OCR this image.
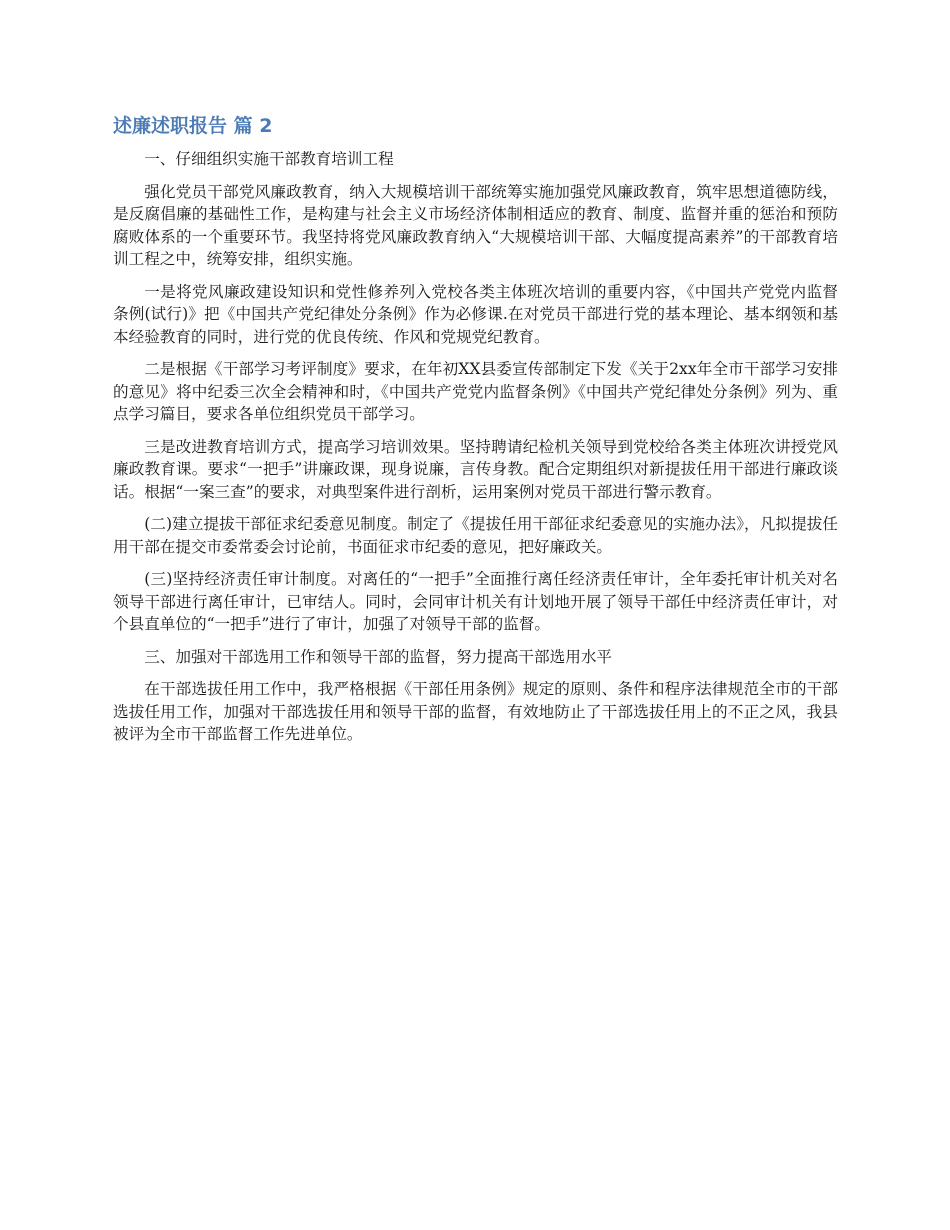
述廉述职报告 篇 2

一、仔细组织实施干部教育培训工程

强化党员干部党风廉政教育，纳入大规模培训干部统筹实施加强党风廉政教育，筑牢思想道德防线，是反腐倡廉的基础性工作，是构建与社会主义市场经济体制相适应的教育、制度、监督并重的惩治和预防腐败体系的一个重要环节。我坚持将党风廉政教育纳入“大规模培训干部、大幅度提高素养”的干部教育培训工程之中，统筹安排，组织实施。

一是将党风廉政建设知识和党性修养列入党校各类主体班次培训的重要内容，《中国共产党党内监督条例(试行)》把《中国共产党纪律处分条例》作为必修课.在对党员干部进行党的基本理论、基本纲领和基本经验教育的同时，进行党的优良传统、作风和党规党纪教育。

二是根据《干部学习考评制度》要求，在年初XX县委宣传部制定下发《关于2xx年全市干部学习安排的意见》将中纪委三次全会精神和时，《中国共产党党内监督条例》《中国共产党纪律处分条例》列为、重点学习篇目，要求各单位组织党员干部学习。

三是改进教育培训方式，提高学习培训效果。坚持聘请纪检机关领导到党校给各类主体班次讲授党风廉政教育课。要求“一把手”讲廉政课，现身说廉，言传身教。配合定期组织对新提拔任用干部进行廉政谈话。根据“一案三查”的要求，对典型案件进行剖析，运用案例对党员干部进行警示教育。

(二)建立提拔干部征求纪委意见制度。制定了《提拔任用干部征求纪委意见的实施办法》，凡拟提拔任用干部在提交市委常委会讨论前，书面征求市纪委的意见，把好廉政关。

(三)坚持经济责任审计制度。对离任的“一把手”全面推行离任经济责任审计，全年委托审计机关对名领导干部进行离任审计，已审结人。同时，会同审计机关有计划地开展了领导干部任中经济责任审计，对个县直单位的“一把手”进行了审计，加强了对领导干部的监督。

三、加强对干部选用工作和领导干部的监督，努力提高干部选用水平

在干部选拔任用工作中，我严格根据《干部任用条例》规定的原则、条件和程序法律规范全市的干部选拔任用工作，加强对干部选拔任用和领导干部的监督，有效地防止了干部选拔任用上的不正之风，我县被评为全市干部监督工作先进单位。
